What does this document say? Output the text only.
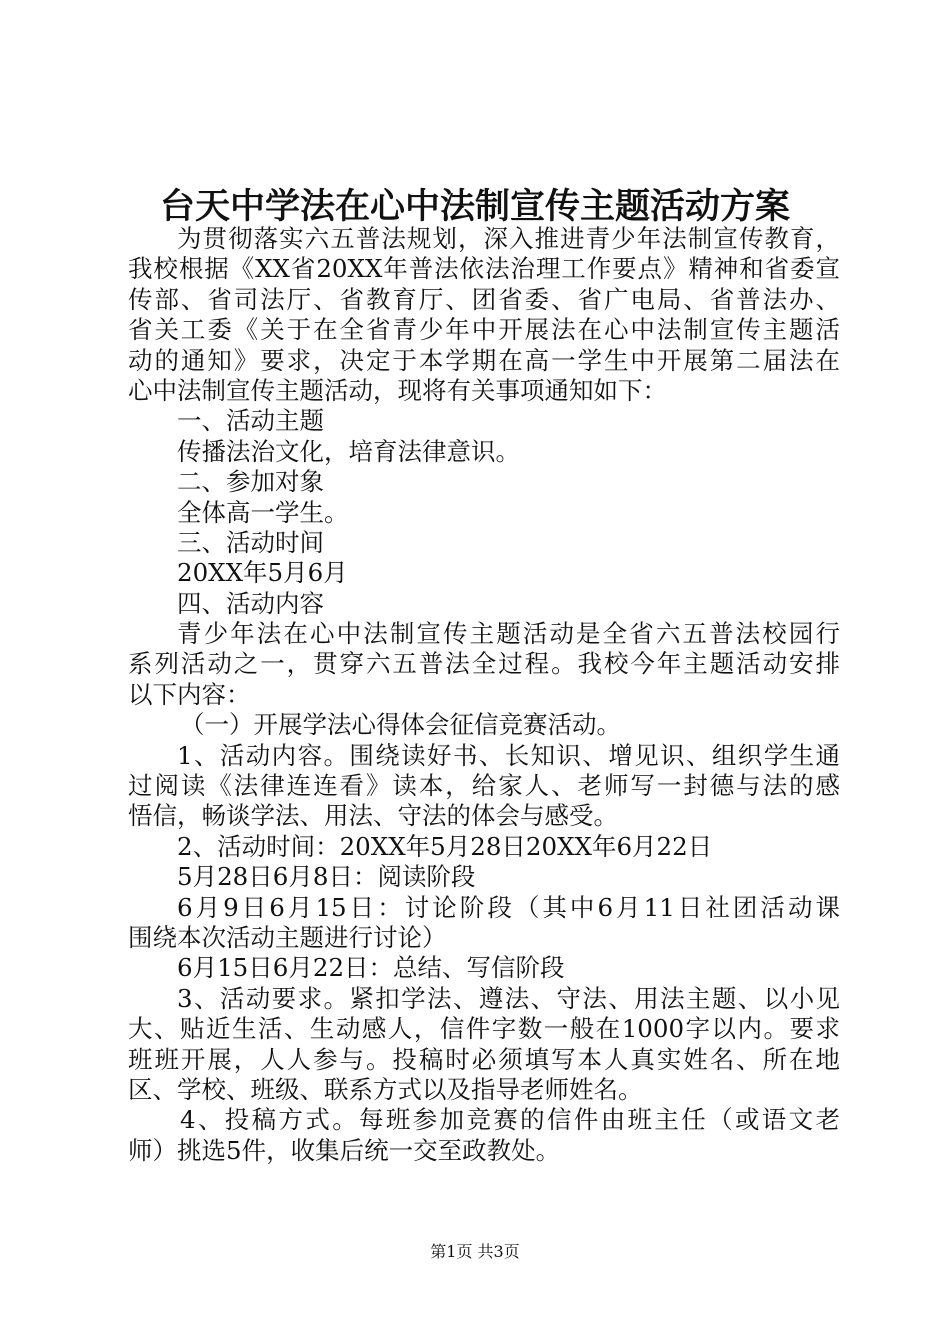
台天中学法在心中法制宣传主题活动方案
为贯彻落实六五普法规划，深入推进青少年法制宣传教育，
我校根据《XX省20XX年普法依法治理工作要点》精神和省委宣
传部、省司法厅、省教育厅、团省委、省广电局、省普法办、
省关工委《关于在全省青少年中开展法在心中法制宣传主题活
动的通知》要求，决定于本学期在高一学生中开展第二届法在
心中法制宣传主题活动，现将有关事项通知如下：
一、活动主题
传播法治文化，培育法律意识。
二、参加对象
全体高一学生。
三、活动时间
20XX年5月6月
四、活动内容
青少年法在心中法制宣传主题活动是全省六五普法校园行
系列活动之一，贯穿六五普法全过程。我校今年主题活动安排
以下内容：
（一）开展学法心得体会征信竞赛活动。
1、活动内容。围绕读好书、长知识、增见识、组织学生通
过阅读《法律连连看》读本，给家人、老师写一封德与法的感
悟信，畅谈学法、用法、守法的体会与感受。
2、活动时间：20XX年5月28日20XX年6月22日
5月28日6月8日：阅读阶段
6月9日6月15日：讨论阶段（其中6月11日社团活动课
围绕本次活动主题进行讨论）
6月15日6月22日：总结、写信阶段
3、活动要求。紧扣学法、遵法、守法、用法主题、以小见
大、贴近生活、生动感人，信件字数一般在1000字以内。要求
班班开展，人人参与。投稿时必须填写本人真实姓名、所在地
区、学校、班级、联系方式以及指导老师姓名。
4、投稿方式。每班参加竞赛的信件由班主任（或语文老
师）挑选5件，收集后统一交至政教处。
第1页 共3页
